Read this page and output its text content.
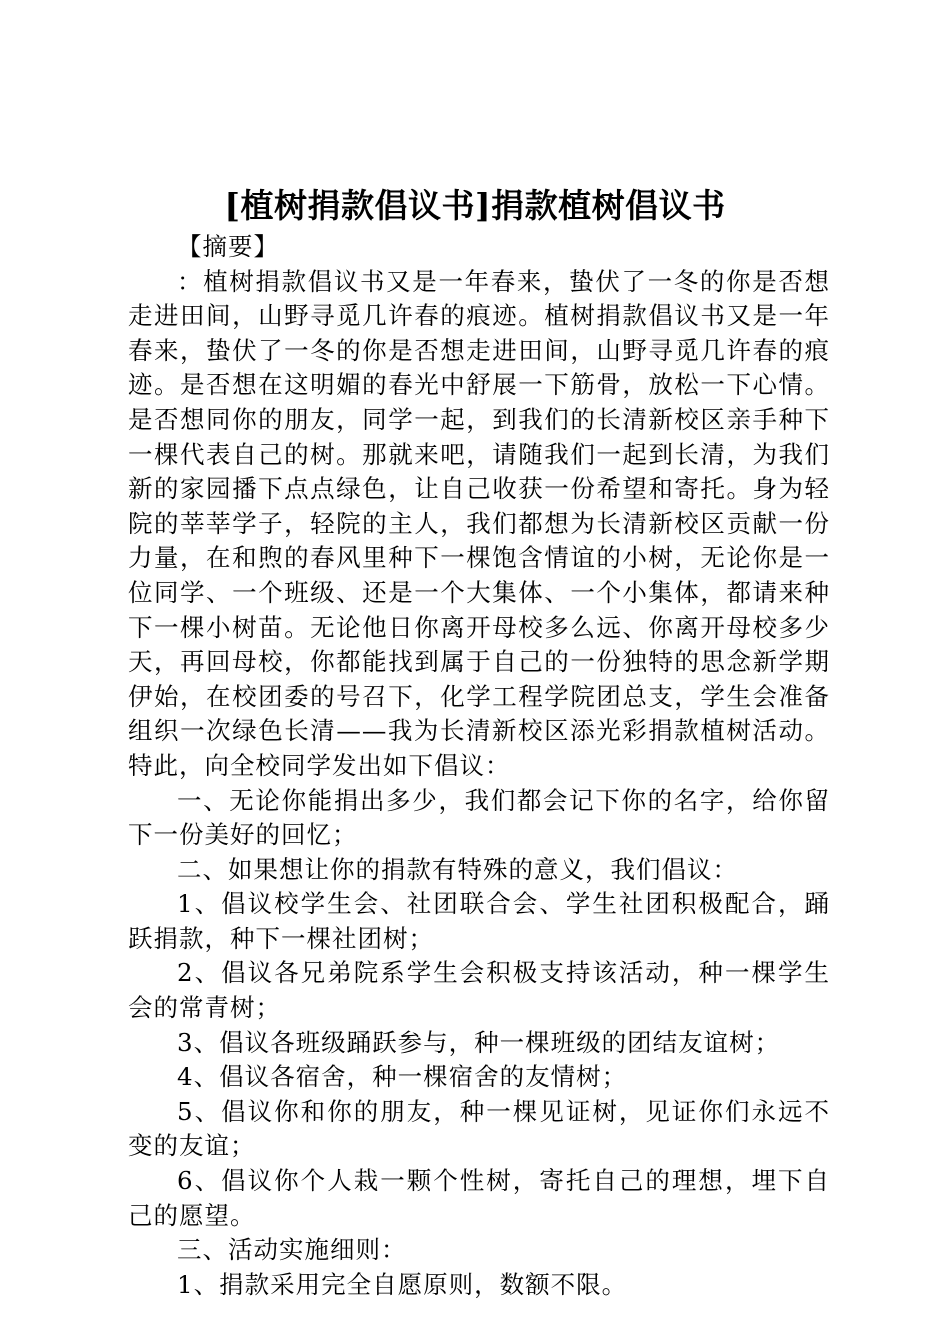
[植树捐款倡议书]捐款植树倡议书

【摘要】

：植树捐款倡议书又是一年春来，蛰伏了一冬的你是否想走进田间，山野寻觅几许春的痕迹。植树捐款倡议书又是一年春来，蛰伏了一冬的你是否想走进田间，山野寻觅几许春的痕迹。是否想在这明媚的春光中舒展一下筋骨，放松一下心情。是否想同你的朋友，同学一起，到我们的长清新校区亲手种下一棵代表自己的树。那就来吧，请随我们一起到长清，为我们新的家园播下点点绿色，让自己收获一份希望和寄托。身为轻院的莘莘学子，轻院的主人，我们都想为长清新校区贡献一份力量，在和煦的春风里种下一棵饱含情谊的小树，无论你是一位同学、一个班级、还是一个大集体、一个小集体，都请来种下一棵小树苗。无论他日你离开母校多么远、你离开母校多少天，再回母校，你都能找到属于自己的一份独特的思念新学期伊始，在校团委的号召下，化学工程学院团总支，学生会准备组织一次绿色长清——我为长清新校区添光彩捐款植树活动。特此，向全校同学发出如下倡议：

一、无论你能捐出多少，我们都会记下你的名字，给你留下一份美好的回忆；

二、如果想让你的捐款有特殊的意义，我们倡议：

1、倡议校学生会、社团联合会、学生社团积极配合，踊跃捐款，种下一棵社团树；

2、倡议各兄弟院系学生会积极支持该活动，种一棵学生会的常青树；

3、倡议各班级踊跃参与，种一棵班级的团结友谊树；

4、倡议各宿舍，种一棵宿舍的友情树；

5、倡议你和你的朋友，种一棵见证树，见证你们永远不变的友谊；

6、倡议你个人栽一颗个性树，寄托自己的理想，埋下自己的愿望。

三、活动实施细则：

1、捐款采用完全自愿原则，数额不限。
